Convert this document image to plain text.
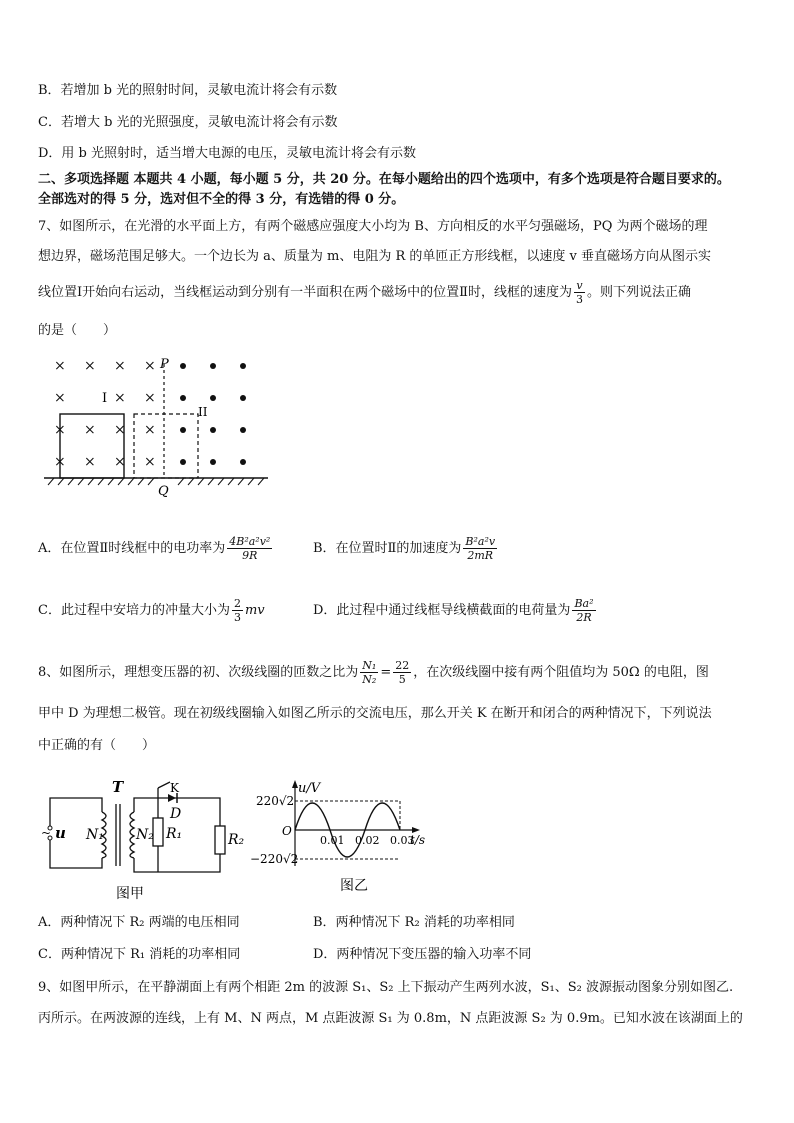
B．若增加 b 光的照射时间，灵敏电流计将会有示数
C．若增大 b 光的光照强度，灵敏电流计将会有示数
D．用 b 光照射时，适当增大电源的电压，灵敏电流计将会有示数
二、多项选择题 本题共 4 小题，每小题 5 分，共 20 分。在每小题给出的四个选项中，有多个选项是符合题目要求的。
全部选对的得 5 分，选对但不全的得 3 分，有选错的得 0 分。
7、如图所示，在光滑的水平面上方，有两个磁感应强度大小均为 B、方向相反的水平匀强磁场，PQ 为两个磁场的理
想边界，磁场范围足够大。一个边长为 a、质量为 m、电阻为 R 的单匝正方形线框，以速度 v 垂直磁场方向从图示实
线位置Ⅰ开始向右运动，当线框运动到分别有一半面积在两个磁场中的位置Ⅱ时，线框的速度为 $\frac{v}{3}$ 。则下列说法正确
的是（　　）
× × × ×
×	× ×
× × × ×
× × × ×
P
Q
I
II
A．在位置Ⅱ时线框中的电功率为 $\frac{\text{4B²a²v²}}{9R}$	B．在位置时Ⅱ的加速度为 $\frac{\text{B²a²v}}{2mR}$
C．此过程中安培力的冲量大小为 $\frac{2}{3}$ mv	D．此过程中通过线框导线横截面的电荷量为 $\frac{\text{Ba²}}{2R}$
8、如图所示，理想变压器的初、次级线圈的匝数之比为 $\frac{\text{N₁}}{\text{N₂}} = \frac{22}{5}$ ，在次级线圈中接有两个阻值均为 50Ω 的电阻，图
甲中 D 为理想二极管。现在初级线圈输入如图乙所示的交流电压，那么开关 K 在断开和闭合的两种情况下，下列说法
中正确的有（　　）
~ u
T
N₁ N₂
K
D
R₁	R₂
图甲
u/V
220√2
−220√2
O
0.01 0.02 0.03
t/s
图乙
A．两种情况下 R₂ 两端的电压相同	B．两种情况下 R₂ 消耗的功率相同
C．两种情况下 R₁ 消耗的功率相同	D．两种情况下变压器的输入功率不同
9、如图甲所示，在平静湖面上有两个相距 2m 的波源 S₁、S₂ 上下振动产生两列水波，S₁、S₂ 波源振动图象分别如图乙.
丙所示。在两波源的连线，上有 M、N 两点，M 点距波源 S₁ 为 0.8m，N 点距波源 S₂ 为 0.9m。已知水波在该湖面上的
